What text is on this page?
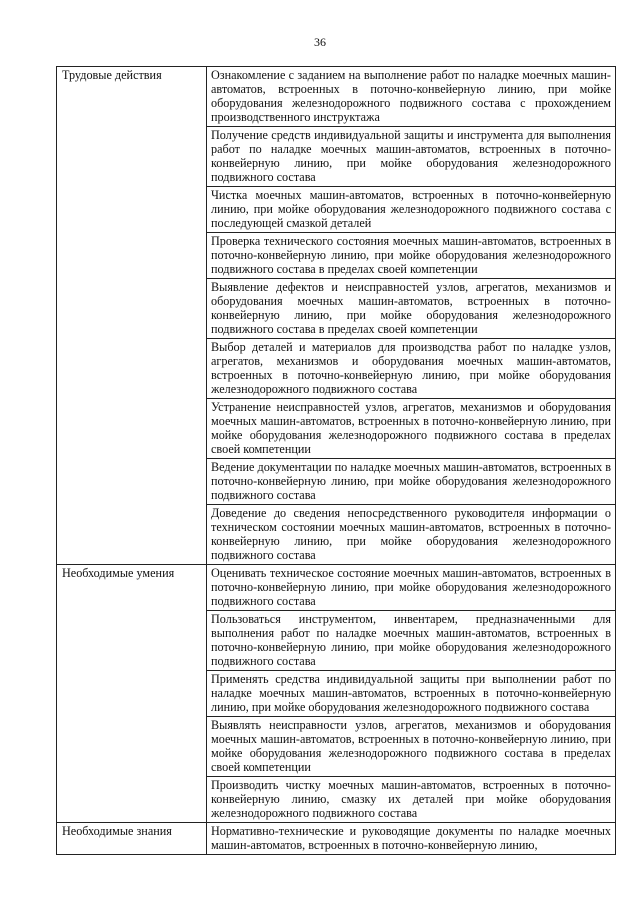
36
Трудовые действия	Ознакомление с заданием на выполнение работ по наладке моечных машин-автоматов, встроенных в поточно-конвейерную линию, при мойке оборудования железнодорожного подвижного состава с прохождением производственного инструктажа
	Получение средств индивидуальной защиты и инструмента для выполнения работ по наладке моечных машин-автоматов, встроенных в поточно-конвейерную линию, при мойке оборудования железнодорожного подвижного состава
	Чистка моечных машин-автоматов, встроенных в поточно-конвейерную линию, при мойке оборудования железнодорожного подвижного состава с последующей смазкой деталей
	Проверка технического состояния моечных машин-автоматов, встроенных в поточно-конвейерную линию, при мойке оборудования железнодорожного подвижного состава в пределах своей компетенции
	Выявление дефектов и неисправностей узлов, агрегатов, механизмов и оборудования моечных машин-автоматов, встроенных в поточно-конвейерную линию, при мойке оборудования железнодорожного подвижного состава в пределах своей компетенции
	Выбор деталей и материалов для производства работ по наладке узлов, агрегатов, механизмов и оборудования моечных машин-автоматов, встроенных в поточно-конвейерную линию, при мойке оборудования железнодорожного подвижного состава
	Устранение неисправностей узлов, агрегатов, механизмов и оборудования моечных машин-автоматов, встроенных в поточно-конвейерную линию, при мойке оборудования железнодорожного подвижного состава в пределах своей компетенции
	Ведение документации по наладке моечных машин-автоматов, встроенных в поточно-конвейерную линию, при мойке оборудования железнодорожного подвижного состава
	Доведение до сведения непосредственного руководителя информации о техническом состоянии моечных машин-автоматов, встроенных в поточно-конвейерную линию, при мойке оборудования железнодорожного подвижного состава
Необходимые умения	Оценивать техническое состояние моечных машин-автоматов, встроенных в поточно-конвейерную линию, при мойке оборудования железнодорожного подвижного состава
	Пользоваться инструментом, инвентарем, предназначенными для выполнения работ по наладке моечных машин-автоматов, встроенных в поточно-конвейерную линию, при мойке оборудования железнодорожного подвижного состава
	Применять средства индивидуальной защиты при выполнении работ по наладке моечных машин-автоматов, встроенных в поточно-конвейерную линию, при мойке оборудования железнодорожного подвижного состава
	Выявлять неисправности узлов, агрегатов, механизмов и оборудования моечных машин-автоматов, встроенных в поточно-конвейерную линию, при мойке оборудования железнодорожного подвижного состава в пределах своей компетенции
	Производить чистку моечных машин-автоматов, встроенных в поточно-конвейерную линию, смазку их деталей при мойке оборудования железнодорожного подвижного состава
Необходимые знания	Нормативно-технические и руководящие документы по наладке моечных машин-автоматов, встроенных в поточно-конвейерную линию,
